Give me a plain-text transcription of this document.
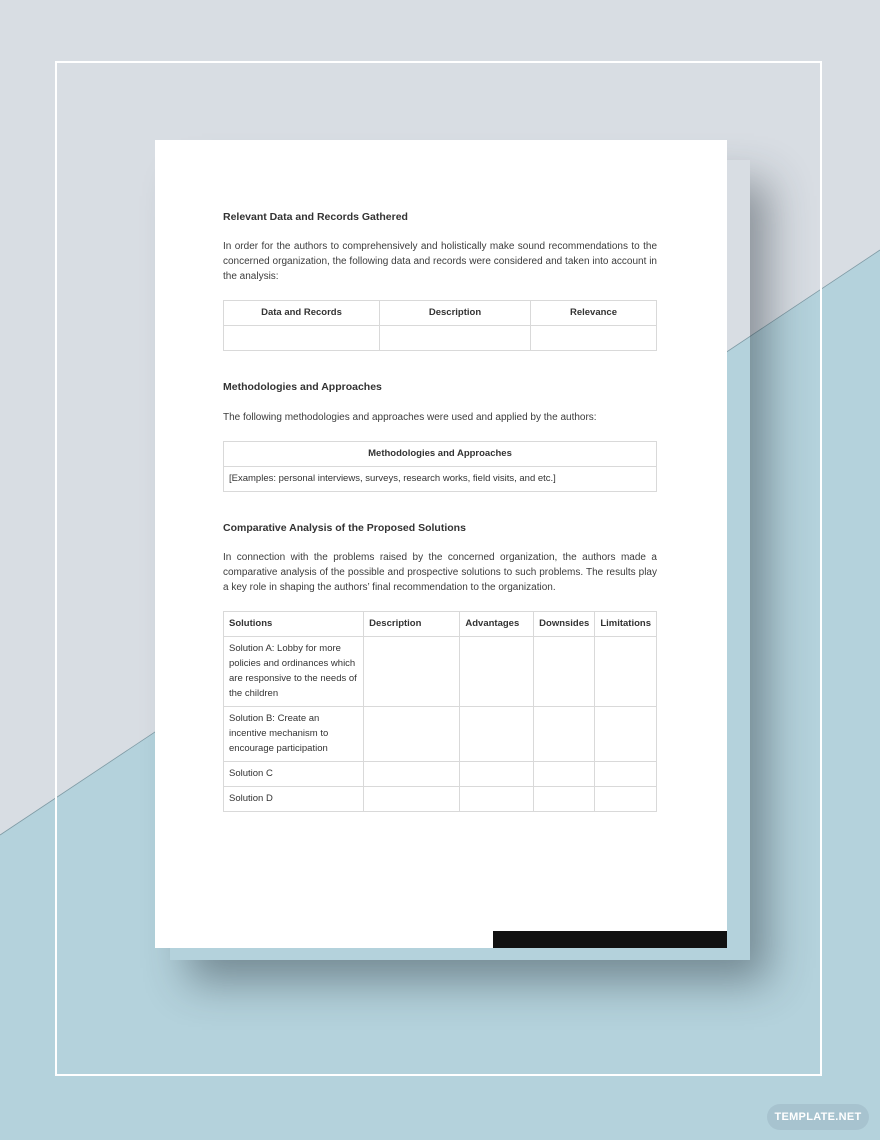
Relevant Data and Records Gathered
In order for the authors to comprehensively and holistically make sound recommendations to the concerned organization, the following data and records were considered and taken into account in the analysis:
Data and Records	Description	Relevance

Methodologies and Approaches
The following methodologies and approaches were used and applied by the authors:
Methodologies and Approaches
[Examples: personal interviews, surveys, research works, field visits, and etc.]
Comparative Analysis of the Proposed Solutions
In connection with the problems raised by the concerned organization, the authors made a comparative analysis of the possible and prospective solutions to such problems. The results play a key role in shaping the authors’ final recommendation to the organization.
Solutions	Description	Advantages	Downsides	Limitations
Solution A: Lobby for more policies and ordinances which are responsive to the needs of the children				
Solution B: Create an incentive mechanism to encourage participation				
Solution C				
Solution D				
TEMPLATE.NET
